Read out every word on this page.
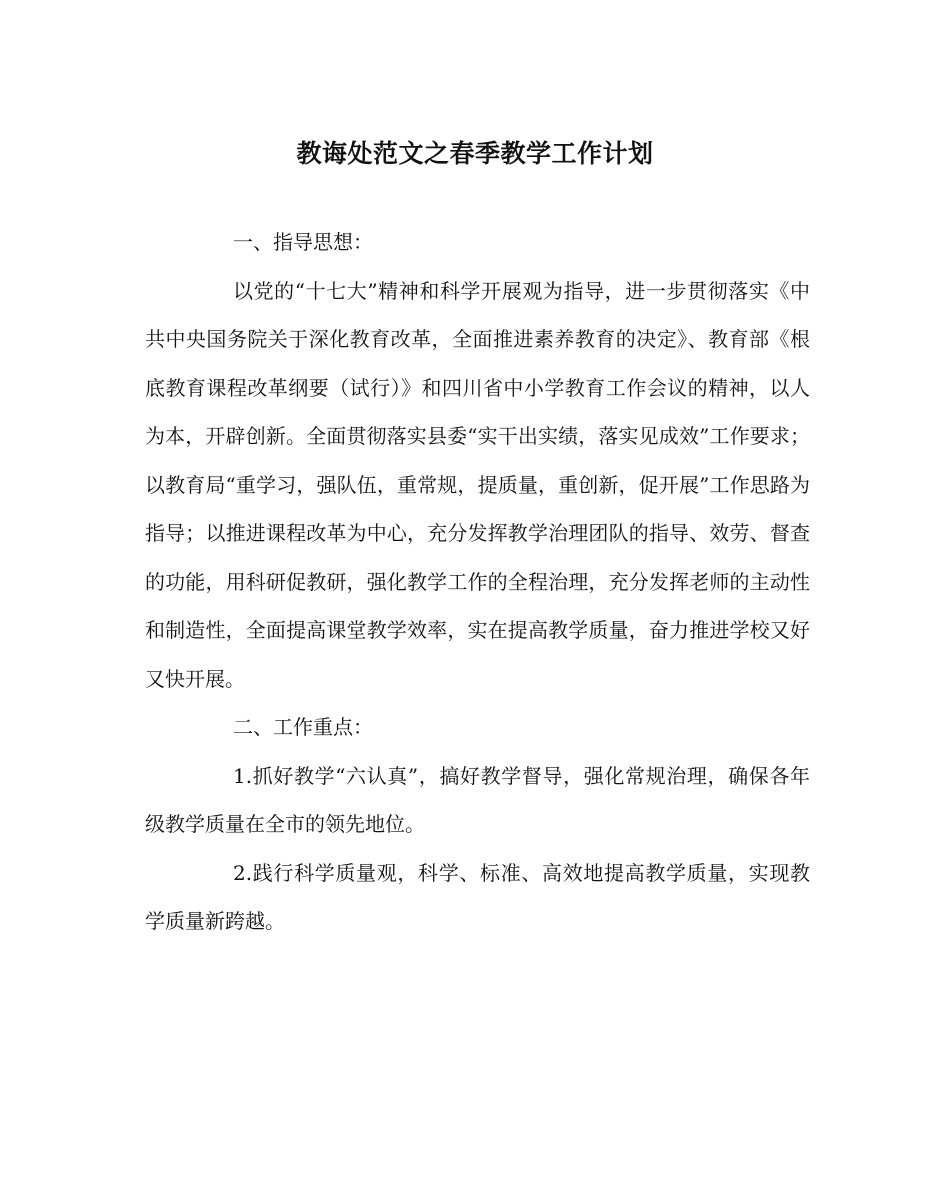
教诲处范文之春季教学工作计划

一、指导思想：

以党的“十七大”精神和科学开展观为指导，进一步贯彻落实《中共中央国务院关于深化教育改革，全面推进素养教育的决定》、教育部《根底教育课程改革纲要（试行）》和四川省中小学教育工作会议的精神，以人为本，开辟创新。全面贯彻落实县委“实干出实绩，落实见成效”工作要求；以教育局“重学习，强队伍，重常规，提质量，重创新，促开展”工作思路为指导；以推进课程改革为中心，充分发挥教学治理团队的指导、效劳、督查的功能，用科研促教研，强化教学工作的全程治理，充分发挥老师的主动性和制造性，全面提高课堂教学效率，实在提高教学质量，奋力推进学校又好又快开展。

二、工作重点：

1.抓好教学“六认真”，搞好教学督导，强化常规治理，确保各年级教学质量在全市的领先地位。

2.践行科学质量观，科学、标准、高效地提高教学质量，实现教学质量新跨越。
